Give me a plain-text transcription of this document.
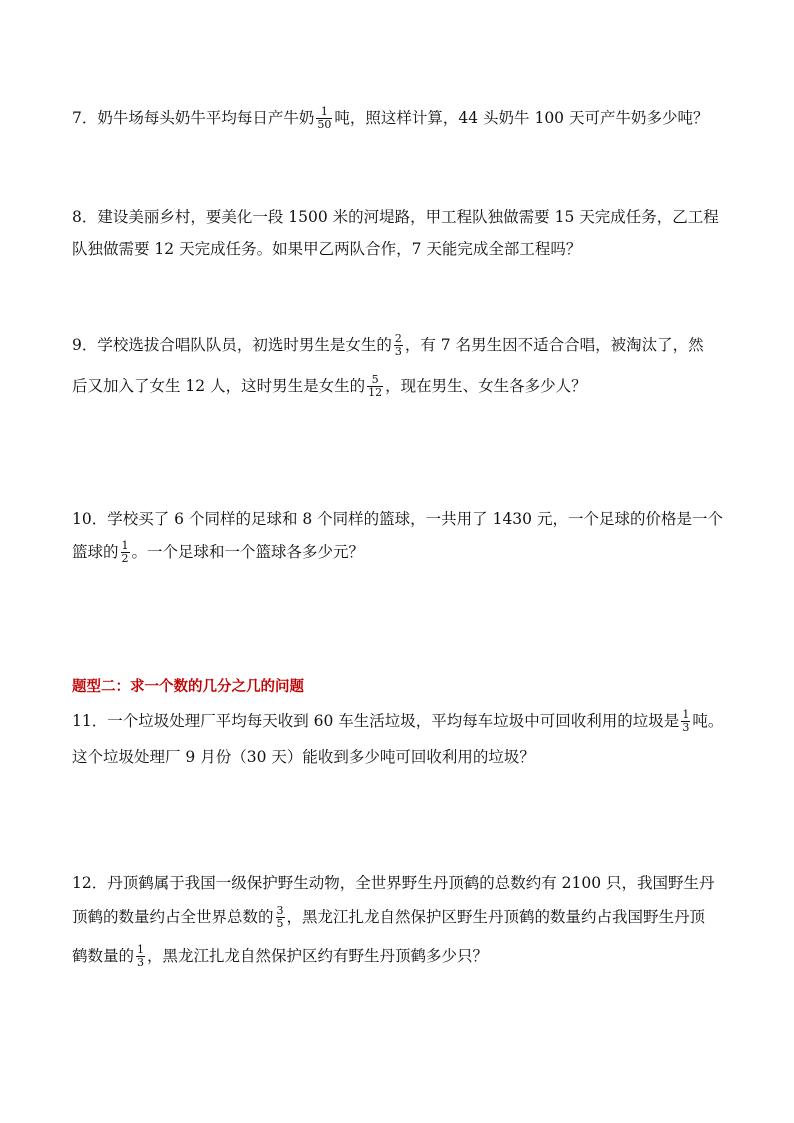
7．奶牛场每头奶牛平均每日产牛奶 $\frac{1}{50}$ 吨，照这样计算，44 头奶牛 100 天可产牛奶多少吨？
8．建设美丽乡村，要美化一段 1500 米的河堤路，甲工程队独做需要 15 天完成任务，乙工程
队独做需要 12 天完成任务。如果甲乙两队合作，7 天能完成全部工程吗？
9．学校选拔合唱队队员，初选时男生是女生的 $\frac{2}{3}$ ，有 7 名男生因不适合合唱，被淘汰了，然
后又加入了女生 12 人，这时男生是女生的 $\frac{5}{12}$ ，现在男生、女生各多少人？
10．学校买了 6 个同样的足球和 8 个同样的篮球，一共用了 1430 元，一个足球的价格是一个
篮球的 $\frac{1}{2}$ 。一个足球和一个篮球各多少元？
题型二：求一个数的几分之几的问题
11．一个垃圾处理厂平均每天收到 60 车生活垃圾，平均每车垃圾中可回收利用的垃圾是 $\frac{1}{3}$ 吨。
这个垃圾处理厂 9 月份（30 天）能收到多少吨可回收利用的垃圾？
12．丹顶鹤属于我国一级保护野生动物，全世界野生丹顶鹤的总数约有 2100 只，我国野生丹
顶鹤的数量约占全世界总数的 $\frac{3}{5}$ ，黑龙江扎龙自然保护区野生丹顶鹤的数量约占我国野生丹顶
鹤数量的 $\frac{1}{3}$ ，黑龙江扎龙自然保护区约有野生丹顶鹤多少只？
